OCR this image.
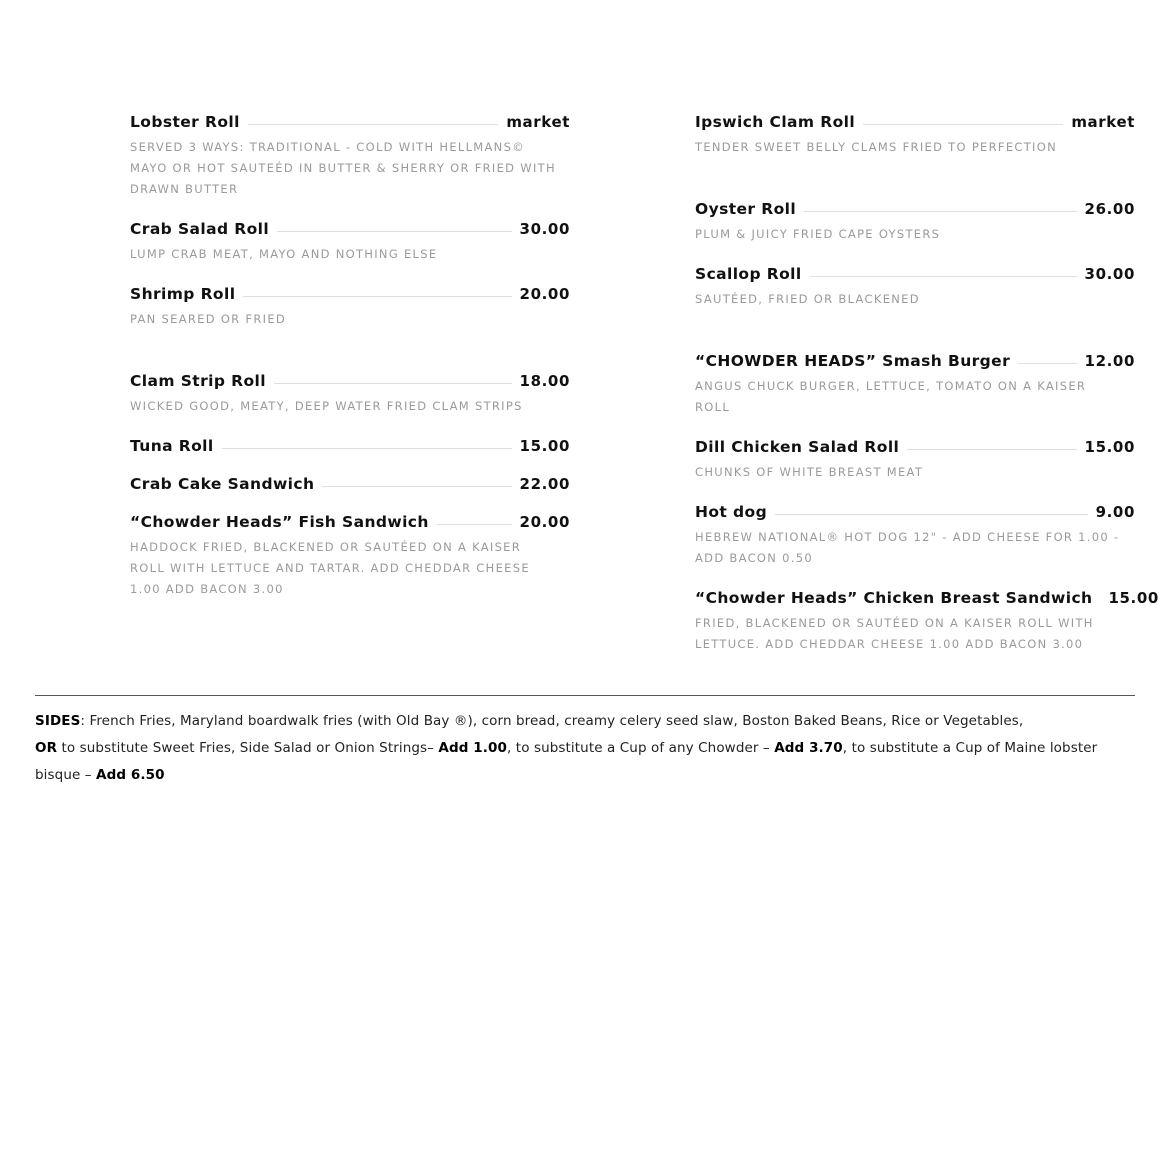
Lobster Roll	market
SERVED 3 WAYS: TRADITIONAL - COLD WITH HELLMANS© MAYO OR HOT SAUTEÉD IN BUTTER & SHERRY OR FRIED WITH DRAWN BUTTER
Crab Salad Roll	30.00
LUMP CRAB MEAT, MAYO AND NOTHING ELSE
Shrimp Roll	20.00
PAN SEARED OR FRIED
Clam Strip Roll	18.00
WICKED GOOD, MEATY, DEEP WATER FRIED CLAM STRIPS
Tuna Roll	15.00
Crab Cake Sandwich	22.00
“Chowder Heads” Fish Sandwich	20.00
HADDOCK FRIED, BLACKENED OR SAUTÉED ON A KAISER ROLL WITH LETTUCE AND TARTAR. ADD CHEDDAR CHEESE 1.00 ADD BACON 3.00
Ipswich Clam Roll	market
TENDER SWEET BELLY CLAMS FRIED TO PERFECTION
Oyster Roll	26.00
PLUM & JUICY FRIED CAPE OYSTERS
Scallop Roll	30.00
SAUTÉED, FRIED OR BLACKENED
“CHOWDER HEADS” Smash Burger	12.00
ANGUS CHUCK BURGER, LETTUCE, TOMATO ON A KAISER ROLL
Dill Chicken Salad Roll	15.00
CHUNKS OF WHITE BREAST MEAT
Hot dog	9.00
HEBREW NATIONAL® HOT DOG 12" - ADD CHEESE FOR 1.00 - ADD BACON 0.50
“Chowder Heads” Chicken Breast Sandwich 15.00
FRIED, BLACKENED OR SAUTÉED ON A KAISER ROLL WITH LETTUCE. ADD CHEDDAR CHEESE 1.00 ADD BACON 3.00
SIDES: French Fries, Maryland boardwalk fries (with Old Bay ®), corn bread, creamy celery seed slaw, Boston Baked Beans, Rice or Vegetables,
OR to substitute Sweet Fries, Side Salad or Onion Strings– Add 1.00, to substitute a Cup of any Chowder – Add 3.70, to substitute a Cup of Maine lobster bisque – Add 6.50
